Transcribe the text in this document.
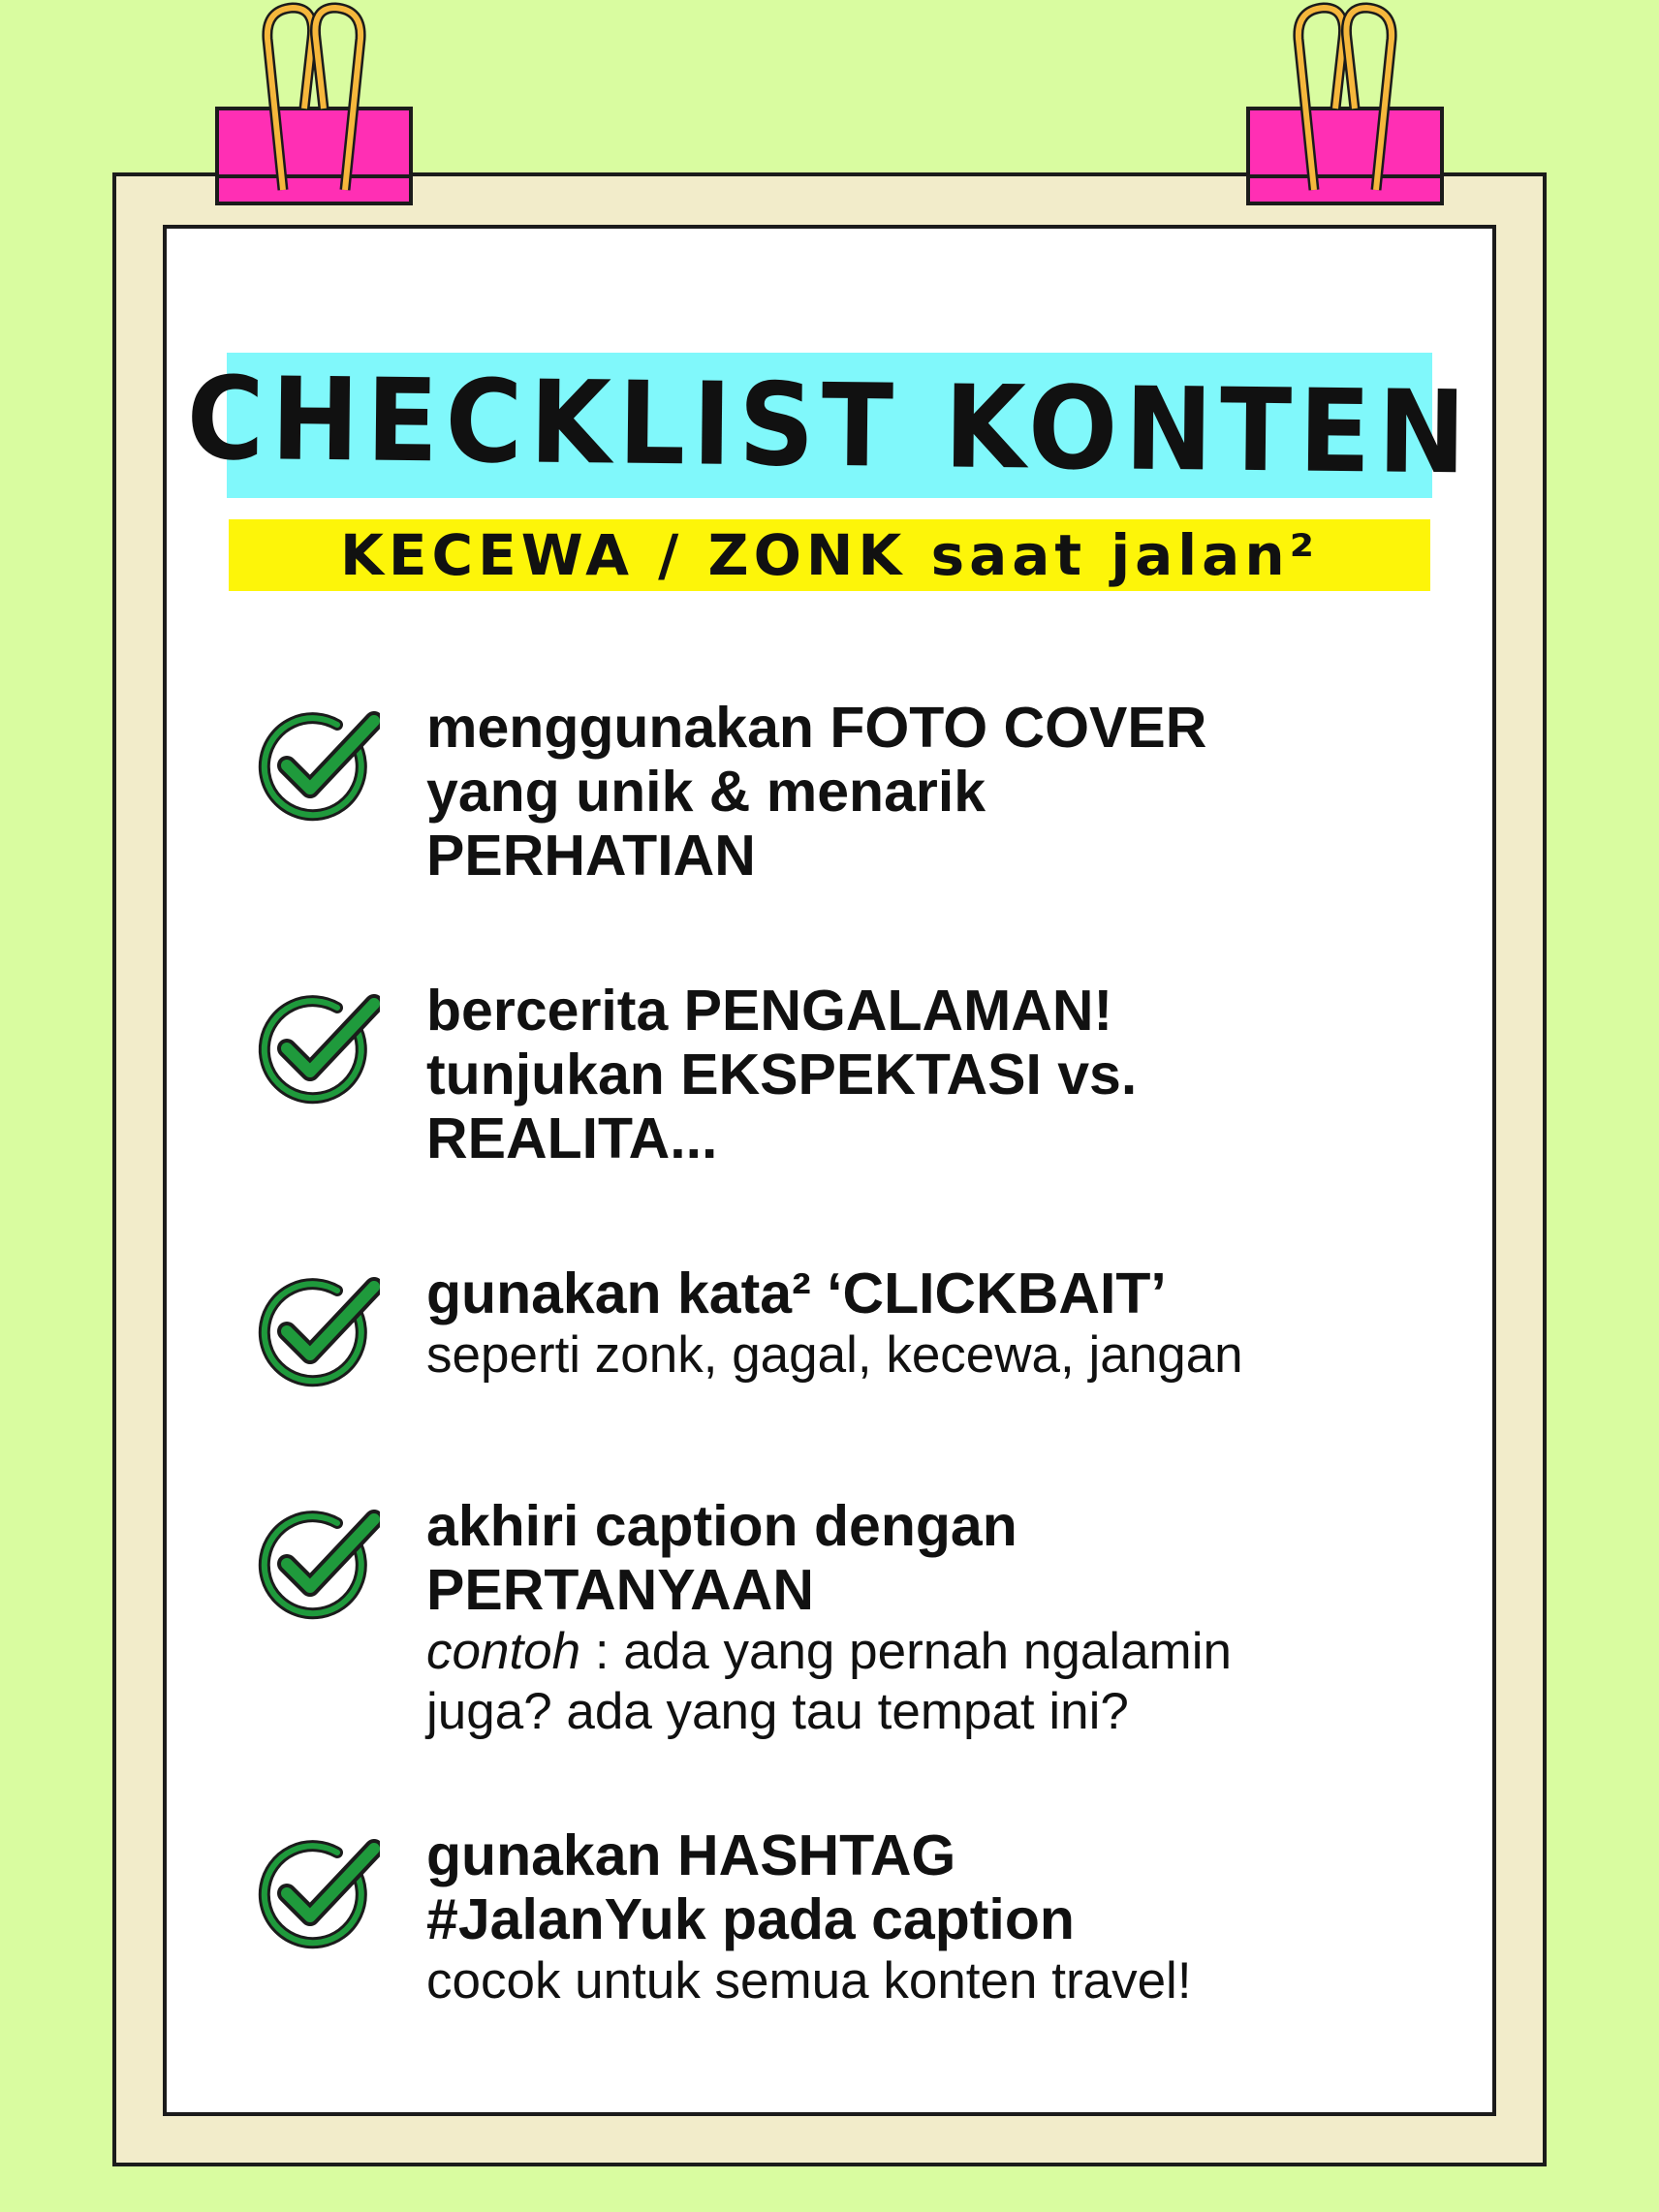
CHECKLIST KONTEN
KECEWA / ZONK saat jalan²
menggunakan FOTO COVER
yang unik & menarik
PERHATIAN
bercerita PENGALAMAN!
tunjukan EKSPEKTASI vs.
REALITA...
gunakan kata² ‘CLICKBAIT’
seperti zonk, gagal, kecewa, jangan
akhiri caption dengan
PERTANYAAN
contoh : ada yang pernah ngalamin
juga? ada yang tau tempat ini?
gunakan HASHTAG
#JalanYuk pada caption
cocok untuk semua konten travel!
